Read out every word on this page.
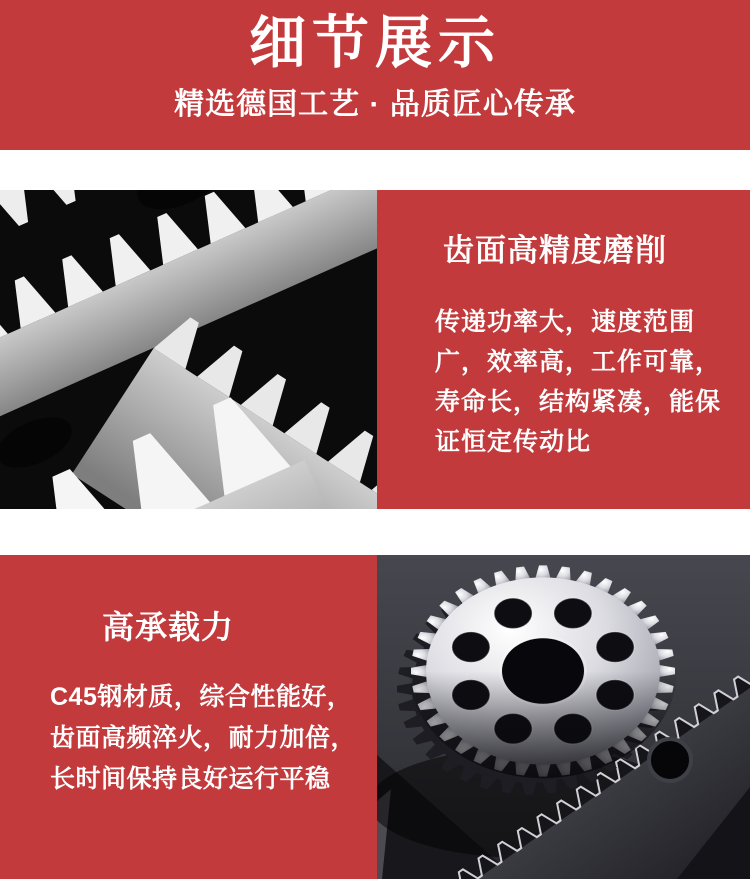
细节展示
精选德国工艺 · 品质匠心传承
齿面高精度磨削

传递功率大，速度范围
广，效率高，工作可靠，
寿命长，结构紧凑，能保
证恒定传动比

高承载力

C45钢材质，综合性能好，
齿面高频淬火，耐力加倍，
长时间保持良好运行平稳
